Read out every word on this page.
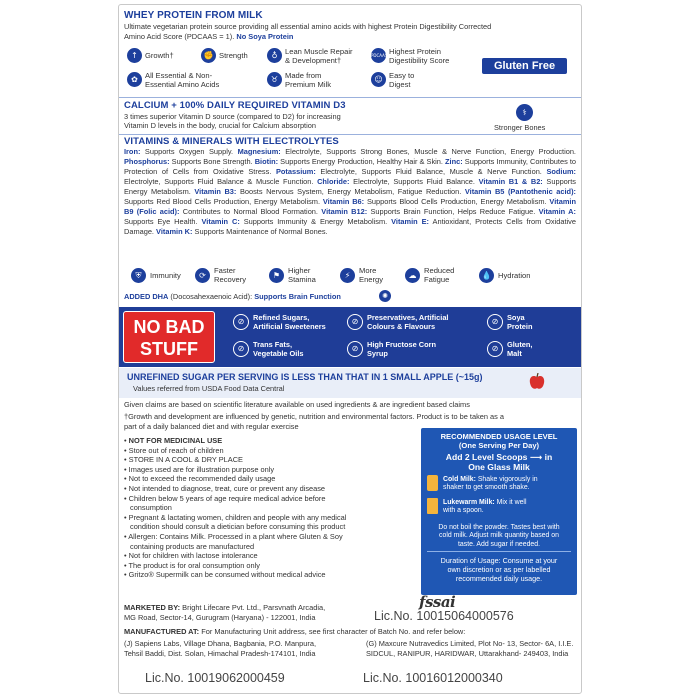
WHEY PROTEIN FROM MILK
Ultimate vegetarian protein source providing all essential amino acids with highest Protein Digestibility Corrected
Amino Acid Score (PDCAAS = 1). No Soya Protein
↑ Growth†	✊ Strength	♁ Lean Muscle Repair
& Development†
PDCAAS Highest Protein
Digestibility Score
✿ All Essential & Non-
Essential Amino Acids
♉ Made from
Premium Milk
☺ Easy to
Digest
Gluten Free
CALCIUM + 100% DAILY REQUIRED VITAMIN D3
3 times superior Vitamin D source (compared to D2) for increasing
Vitamin D levels in the body, crucial for Calcium absorption
⚕
Stronger Bones
VITAMINS & MINERALS WITH ELECTROLYTES
Iron: Supports Oxygen Supply. Magnesium: Electrolyte, Supports Strong Bones, Muscle & Nerve Function, Energy Production. Phosphorus: Supports Bone Strength. Biotin: Supports Energy Production, Healthy Hair & Skin. Zinc: Supports Immunity, Contributes to Protection of Cells from Oxidative Stress. Potassium: Electrolyte, Supports Fluid Balance, Muscle & Nerve Function. Sodium: Electrolyte, Supports Fluid Balance & Muscle Function. Chloride: Electrolyte, Supports Fluid Balance. Vitamin B1 & B2: Supports Energy Metabolism. Vitamin B3: Boosts Nervous System, Energy Metabolism, Fatigue Reduction. Vitamin B5 (Pantothenic acid): Supports Red Blood Cells Production, Energy Metabolism. Vitamin B6: Supports Blood Cells Production, Energy Metabolism. Vitamin B9 (Folic acid): Contributes to Normal Blood Formation. Vitamin B12: Supports Brain Function, Helps Reduce Fatigue. Vitamin A: Supports Eye Health. Vitamin C: Supports Immunity & Energy Metabolism. Vitamin E: Antioxidant, Protects Cells from Oxidative Damage. Vitamin K: Supports Maintenance of Normal Bones.
⛨	Immunity	⟳
Faster
Recovery	⚑
Higher
Stamina	⚡
More
Energy	☁
Reduced
Fatigue	💧 Hydration
ADDED DHA (Docosahexaenoic Acid): Supports Brain Function	✺
NO BAD
STUFF
⊘	Refined Sugars,
Artificial Sweeteners
⊘	Preservatives, Artificial
Colours & Flavours
⊘	Soya
Protein
⊘	Trans Fats,
Vegetable Oils
⊘	High Fructose Corn
Syrup
⊘	Gluten,
Malt
UNREFINED SUGAR PER SERVING IS LESS THAN THAT IN 1 SMALL APPLE (~15g)
Values referred from USDA Food Data Central
Given claims are based on scientific literature available on used ingredients & are ingredient based claims
†Growth and development are influenced by genetic, nutrition and environmental factors. Product is to be taken as a
part of a daily balanced diet and with regular exercise
• NOT FOR MEDICINAL USE
• Store out of reach of children
• STORE IN A COOL & DRY PLACE
• Images used are for illustration purpose only
• Not to exceed the recommended daily usage
• Not intended to diagnose, treat, cure or prevent any disease
• Children below 5 years of age require medical advice before
consumption
• Pregnant & lactating women, children and people with any medical
condition should consult a dietician before consuming this product
• Allergen: Contains Milk. Processed in a plant where Gluten & Soy
containing products are manufactured
• Not for children with lactose intolerance
• The product is for oral consumption only
• Gritzo® Supermilk can be consumed without medical advice
RECOMMENDED USAGE LEVEL
(One Serving Per Day)
Add 2 Level Scoops ⟶ in
One Glass Milk
Cold Milk: Shake vigorously in
shaker to get smooth shake.
Lukewarm Milk: Mix it well
with a spoon.
Do not boil the powder. Tastes best with
cold milk. Adjust milk quantity based on
taste. Add sugar if needed.
Duration of Usage: Consume at your
own discretion or as per labelled
recommended daily usage.
MARKETED BY: Bright Lifecare Pvt. Ltd., Parsvnath Arcadia,
MG Road, Sector-14, Gurugram (Haryana) - 122001, India
fssai
Lic.No. 10015064000576
MANUFACTURED AT: For Manufacturing Unit address, see first character of Batch No. and refer below:
(J) Sapiens Labs, Village Dhana, Bagbania, P.O. Manpura,
Tehsil Baddi, Dist. Solan, Himachal Pradesh-174101, India
(G) Maxcure Nutravedics Limited, Plot No- 13, Sector- 6A, I.I.E.
SIDCUL, RANIPUR, HARIDWAR, Uttarakhand- 249403, India
Lic.No. 10019062000459	Lic.No. 10016012000340
